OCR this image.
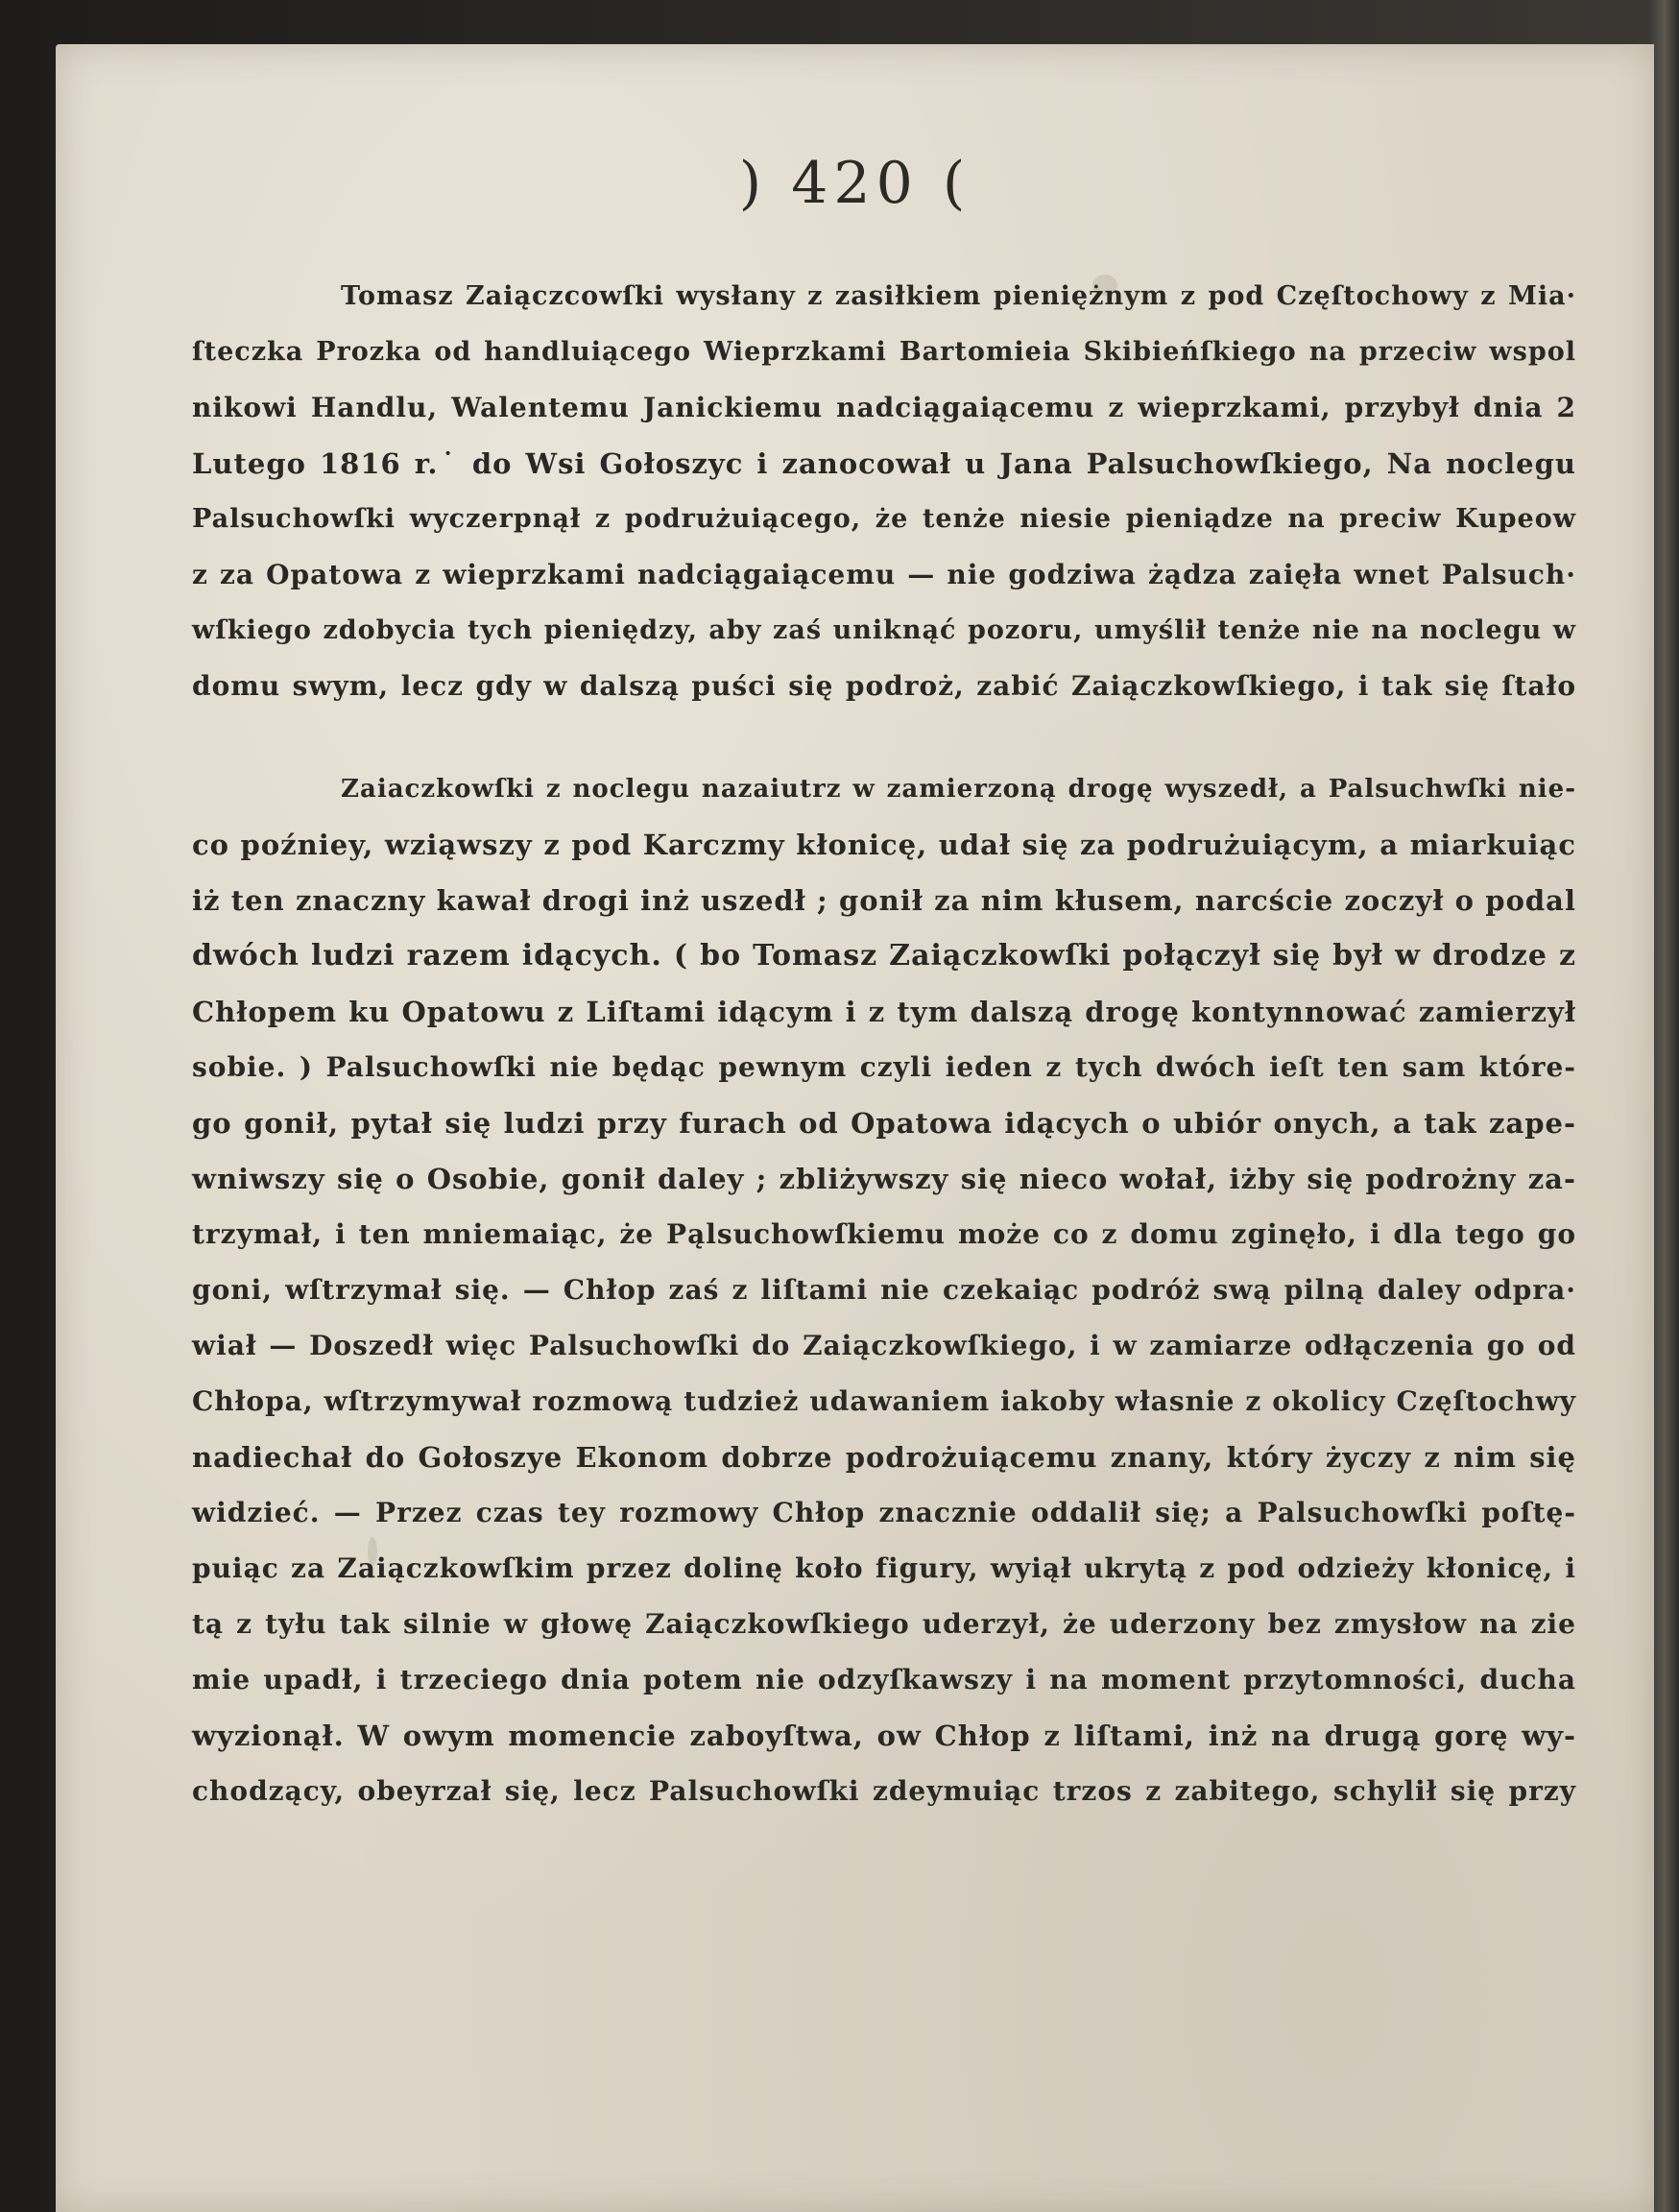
) 420 (
Tomasz Zaiączcowſki wysłany z zasiłkiem pieniężnym z pod Częſtochowy z Mia·
ſteczka Prozka od handluiącego Wieprzkami Bartomieia Skibieńſkiego na przeciw wspol
nikowi Handlu, Walentemu Janickiemu nadciągaiącemu z wieprzkami, przybył dnia 2
Lutego 1816 r.˙ do Wsi Gołoszyc i zanocował u Jana Palsuchowſkiego, Na noclegu
Palsuchowſki wyczerpnął z podrużuiącego, że tenże niesie pieniądze na preciw Kupeow
z za Opatowa z wieprzkami nadciągaiącemu — nie godziwa żądza zaięła wnet Palsuch·
wſkiego zdobycia tych pieniędzy, aby zaś uniknąć pozoru, umyślił tenże nie na noclegu w
domu swym, lecz gdy w dalszą puści się podroż, zabić Zaiączkowſkiego, i tak się ſtało
Zaiaczkowſki z noclegu nazaiutrz w zamierzoną drogę wyszedł, a Palsuchwſki nie-
co poźniey, wziąwszy z pod Karczmy kłonicę, udał się za podrużuiącym, a miarkuiąc
iż ten znaczny kawał drogi inż uszedł ; gonił za nim kłusem, narcście zoczył o podal
dwóch ludzi razem idących. ( bo Tomasz Zaiączkowſki połączył się był w drodze z
Chłopem ku Opatowu z Liſtami idącym i z tym dalszą drogę kontynnować zamierzył
sobie. ) Palsuchowſki nie będąc pewnym czyli ieden z tych dwóch ieſt ten sam które-
go gonił, pytał się ludzi przy furach od Opatowa idących o ubiór onych, a tak zape-
wniwszy się o Osobie, gonił daley ; zbliżywszy się nieco wołał, iżby się podrożny za-
trzymał, i ten mniemaiąc, że Pąlsuchowſkiemu może co z domu zginęło, i dla tego go
goni, wſtrzymał się. — Chłop zaś z liſtami nie czekaiąc podróż swą pilną daley odpra·
wiał — Doszedł więc Palsuchowſki do Zaiączkowſkiego, i w zamiarze odłączenia go od
Chłopa, wſtrzymywał rozmową tudzież udawaniem iakoby własnie z okolicy Częſtochwy
nadiechał do Gołoszye Ekonom dobrze podrożuiącemu znany, który życzy z nim się
widzieć. — Przez czas tey rozmowy Chłop znacznie oddalił się; a Palsuchowſki poſtę-
puiąc za Zaiączkowſkim przez dolinę koło figury, wyiął ukrytą z pod odzieży kłonicę, i
tą z tyłu tak silnie w głowę Zaiączkowſkiego uderzył, że uderzony bez zmysłow na zie
mie upadł, i trzeciego dnia potem nie odzyſkawszy i na moment przytomności, ducha
wyzionął. W owym momencie zaboyſtwa, ow Chłop z liſtami, inż na drugą gorę wy-
chodzący, obeyrzał się, lecz Palsuchowſki zdeymuiąc trzos z zabitego, schylił się przy
